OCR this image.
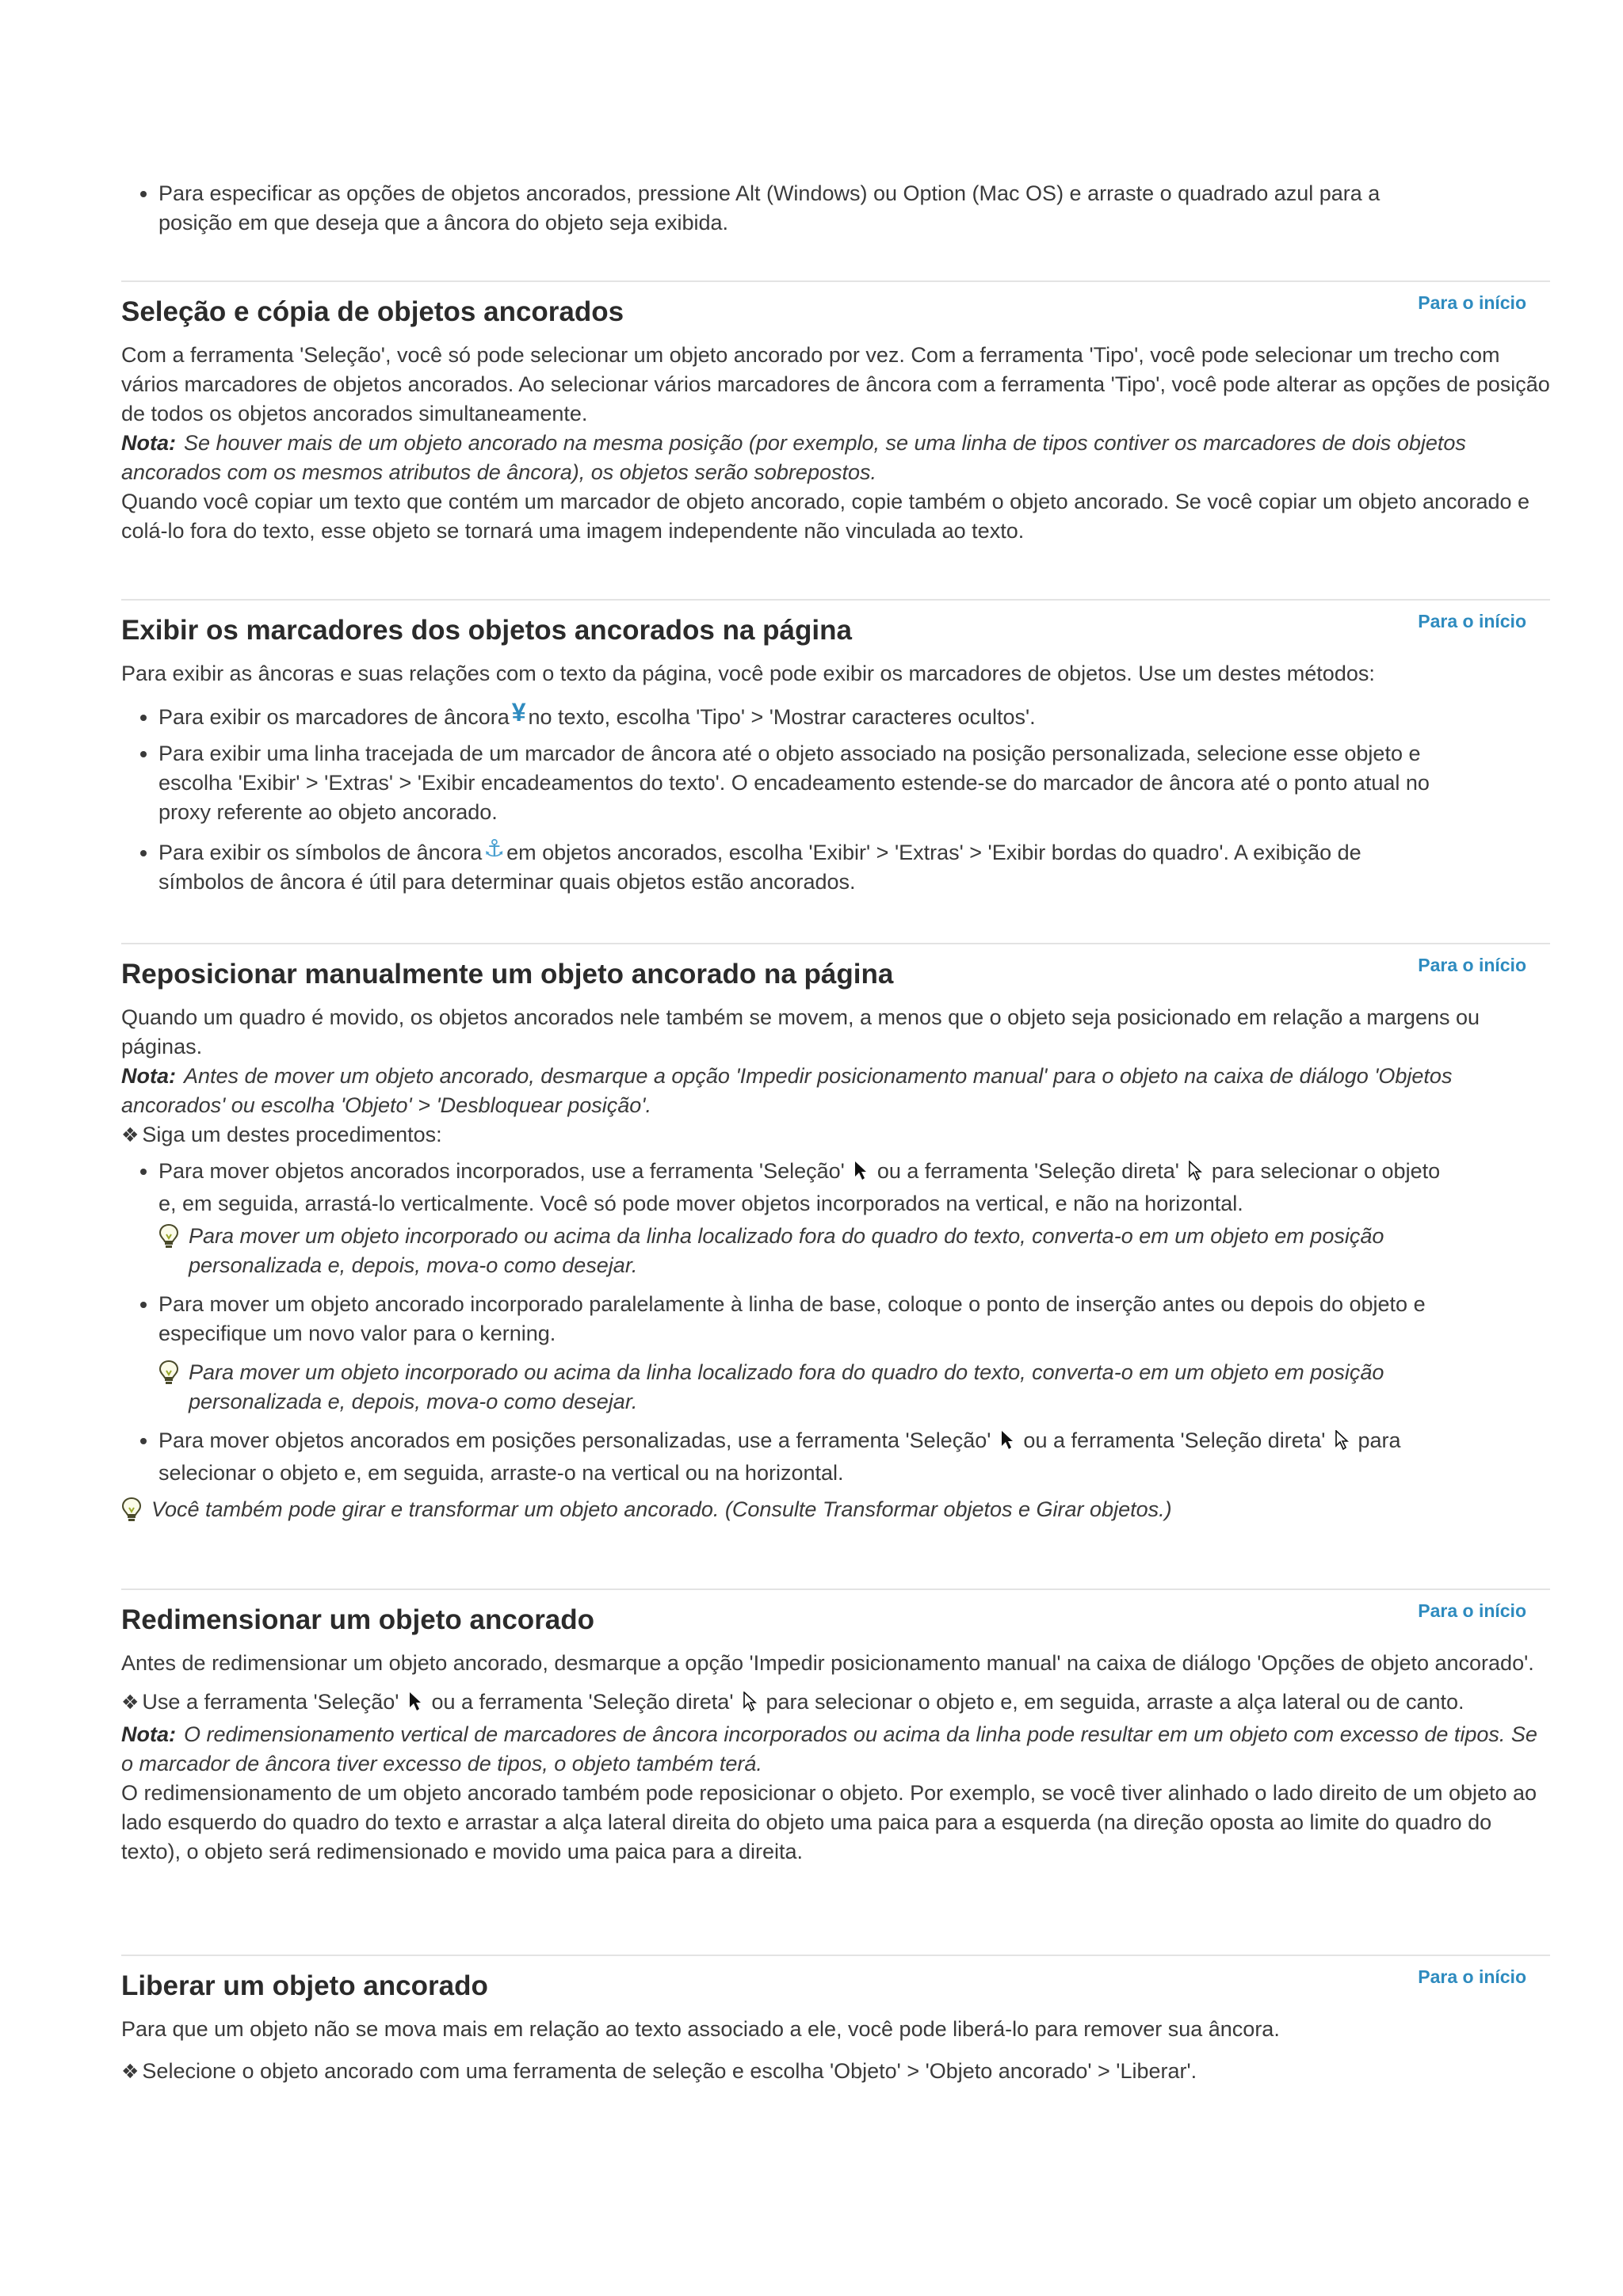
• Para especificar as opções de objetos ancorados, pressione Alt (Windows) ou Option (Mac OS) e arraste o quadrado azul para a posição em que deseja que a âncora do objeto seja exibida.
Seleção e cópia de objetos ancorados	Para o início

Com a ferramenta 'Seleção', você só pode selecionar um objeto ancorado por vez. Com a ferramenta 'Tipo', você pode selecionar um trecho com vários marcadores de objetos ancorados. Ao selecionar vários marcadores de âncora com a ferramenta 'Tipo', você pode alterar as opções de posição de todos os objetos ancorados simultaneamente.

Nota: Se houver mais de um objeto ancorado na mesma posição (por exemplo, se uma linha de tipos contiver os marcadores de dois objetos ancorados com os mesmos atributos de âncora), os objetos serão sobrepostos.

Quando você copiar um texto que contém um marcador de objeto ancorado, copie também o objeto ancorado. Se você copiar um objeto ancorado e colá-lo fora do texto, esse objeto se tornará uma imagem independente não vinculada ao texto.

Exibir os marcadores dos objetos ancorados na página	Para o início

Para exibir as âncoras e suas relações com o texto da página, você pode exibir os marcadores de objetos. Use um destes métodos:

• Para exibir os marcadores de âncora¥ no texto, escolha 'Tipo' > 'Mostrar caracteres ocultos'.
• Para exibir uma linha tracejada de um marcador de âncora até o objeto associado na posição personalizada, selecione esse objeto e escolha 'Exibir' > 'Extras' > 'Exibir encadeamentos do texto'. O encadeamento estende-se do marcador de âncora até o ponto atual no proxy referente ao objeto ancorado.
• Para exibir os símbolos de âncora⚓em objetos ancorados, escolha 'Exibir' > 'Extras' > 'Exibir bordas do quadro'. A exibição de símbolos de âncora é útil para determinar quais objetos estão ancorados.
Reposicionar manualmente um objeto ancorado na página	Para o início

Quando um quadro é movido, os objetos ancorados nele também se movem, a menos que o objeto seja posicionado em relação a margens ou páginas.

Nota: Antes de mover um objeto ancorado, desmarque a opção 'Impedir posicionamento manual' para o objeto na caixa de diálogo 'Objetos ancorados' ou escolha 'Objeto' > 'Desbloquear posição'.

❖ Siga um destes procedimentos:

• Para mover objetos ancorados incorporados, use a ferramenta 'Seleção' ou a ferramenta 'Seleção direta' para selecionar o objeto e, em seguida, arrastá-lo verticalmente. Você só pode mover objetos incorporados na vertical, e não na horizontal.
Para mover um objeto incorporado ou acima da linha localizado fora do quadro do texto, converta-o em um objeto em posição personalizada e, depois, mova-o como desejar.
• Para mover um objeto ancorado incorporado paralelamente à linha de base, coloque o ponto de inserção antes ou depois do objeto e especifique um novo valor para o kerning.
Para mover um objeto incorporado ou acima da linha localizado fora do quadro do texto, converta-o em um objeto em posição personalizada e, depois, mova-o como desejar.
• Para mover objetos ancorados em posições personalizadas, use a ferramenta 'Seleção' ou a ferramenta 'Seleção direta' para selecionar o objeto e, em seguida, arraste-o na vertical ou na horizontal.
Você também pode girar e transformar um objeto ancorado. (Consulte Transformar objetos e Girar objetos.)
Redimensionar um objeto ancorado	Para o início

Antes de redimensionar um objeto ancorado, desmarque a opção 'Impedir posicionamento manual' na caixa de diálogo 'Opções de objeto ancorado'.

❖ Use a ferramenta 'Seleção' ou a ferramenta 'Seleção direta' para selecionar o objeto e, em seguida, arraste a alça lateral ou de canto.

Nota: O redimensionamento vertical de marcadores de âncora incorporados ou acima da linha pode resultar em um objeto com excesso de tipos. Se o marcador de âncora tiver excesso de tipos, o objeto também terá.

O redimensionamento de um objeto ancorado também pode reposicionar o objeto. Por exemplo, se você tiver alinhado o lado direito de um objeto ao lado esquerdo do quadro do texto e arrastar a alça lateral direita do objeto uma paica para a esquerda (na direção oposta ao limite do quadro do texto), o objeto será redimensionado e movido uma paica para a direita.

Liberar um objeto ancorado	Para o início

Para que um objeto não se mova mais em relação ao texto associado a ele, você pode liberá-lo para remover sua âncora.

❖ Selecione o objeto ancorado com uma ferramenta de seleção e escolha 'Objeto' > 'Objeto ancorado' > 'Liberar'.
